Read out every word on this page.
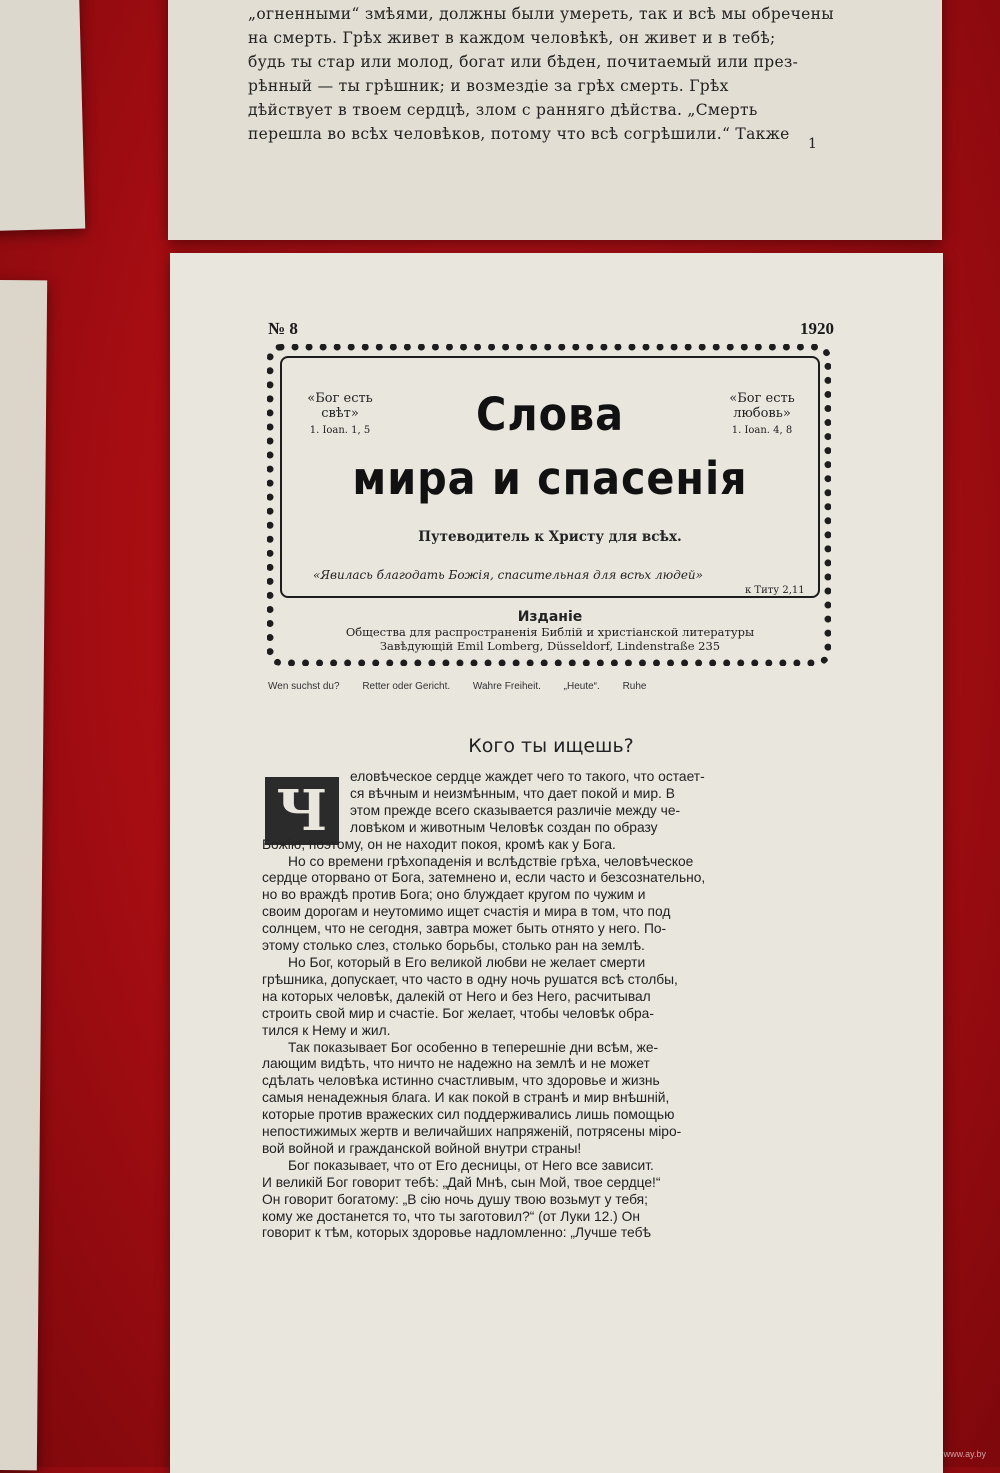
„огненными“ змѣями, должны были умереть, так и всѣ мы обречены
на смерть. Грѣх живет в каждом человѣкѣ, он живет и в тебѣ;
будь ты стар или молод, богат или бѣден, почитаемый или през-
рѣнный — ты грѣшник; и возмездіе за грѣх смерть. Грѣх
дѣйствует в твоем сердцѣ, злом с ранняго дѣйства. „Смерть
перешла во всѣх человѣков, потому что всѣ согрѣшили.“ Также
1
№ 8	1920
«Бог есть свѣт»
1. Ioan. 1, 5
«Бог есть любовь»
1. Ioan. 4, 8
Слова
мира и спасенія
Путеводитель к Христу для всѣх.
«Явилась благодать Божія, спасительная для всѣх людей»
к Титу 2,11
Изданіе
Общества для распространенія Библій и христіанской литературы
Завѣдующій Emil Lomberg, Düsseldorf, Lindenstraße 235
Wen suchst du? Retter oder Gericht. Wahre Freiheit. „Heute“. Ruhe
Кого ты ищешь?
Ч
еловѣческое сердце жаждет чего то такого, что остает-
ся вѣчным и неизмѣнным, что дает покой и мир. В
этом прежде всего сказывается различіе между че-
ловѣком и животным Человѣк создан по образу
Божію, поэтому, он не находит покоя, кромѣ как у Бога.
Но со времени грѣхопаденія и вслѣдствіе грѣха, человѣческое
сердце оторвано от Бога, затемнено и, если часто и безсознательно,
но во враждѣ против Бога; оно блуждает кругом по чужим и
своим дорогам и неутомимо ищет счастія и мира в том, что под
солнцем, что не сегодня, завтра может быть отнято у него. По-
этому столько слез, столько борьбы, столько ран на землѣ.
Но Бог, который в Его великой любви не желает смерти
грѣшника, допускает, что часто в одну ночь рушатся всѣ столбы,
на которых человѣк, далекій от Него и без Него, расчитывал
строить свой мир и счастіе. Бог желает, чтобы человѣк обра-
тился к Нему и жил.
Так показывает Бог особенно в теперешніе дни всѣм, же-
лающим видѣть, что ничто не надежно на землѣ и не может
сдѣлать человѣка истинно счастливым, что здоровье и жизнь
самыя ненадежныя блага. И как покой в странѣ и мир внѣшній,
которые против вражеских сил поддерживались лишь помощью
непостижимых жертв и величайших напряженій, потрясены міро-
вой войной и гражданской войной внутри страны!
Бог показывает, что от Его десницы, от Него все зависит.
И великій Бог говорит тебѣ: „Дай Мнѣ, сын Мой, твое сердце!“
Он говорит богатому: „В сію ночь душу твою возьмут у тебя;
кому же достанется то, что ты заготовил?“ (от Луки 12.) Он
говорит к тѣм, которых здоровье надломленно: „Лучше тебѣ
www.ay.by
